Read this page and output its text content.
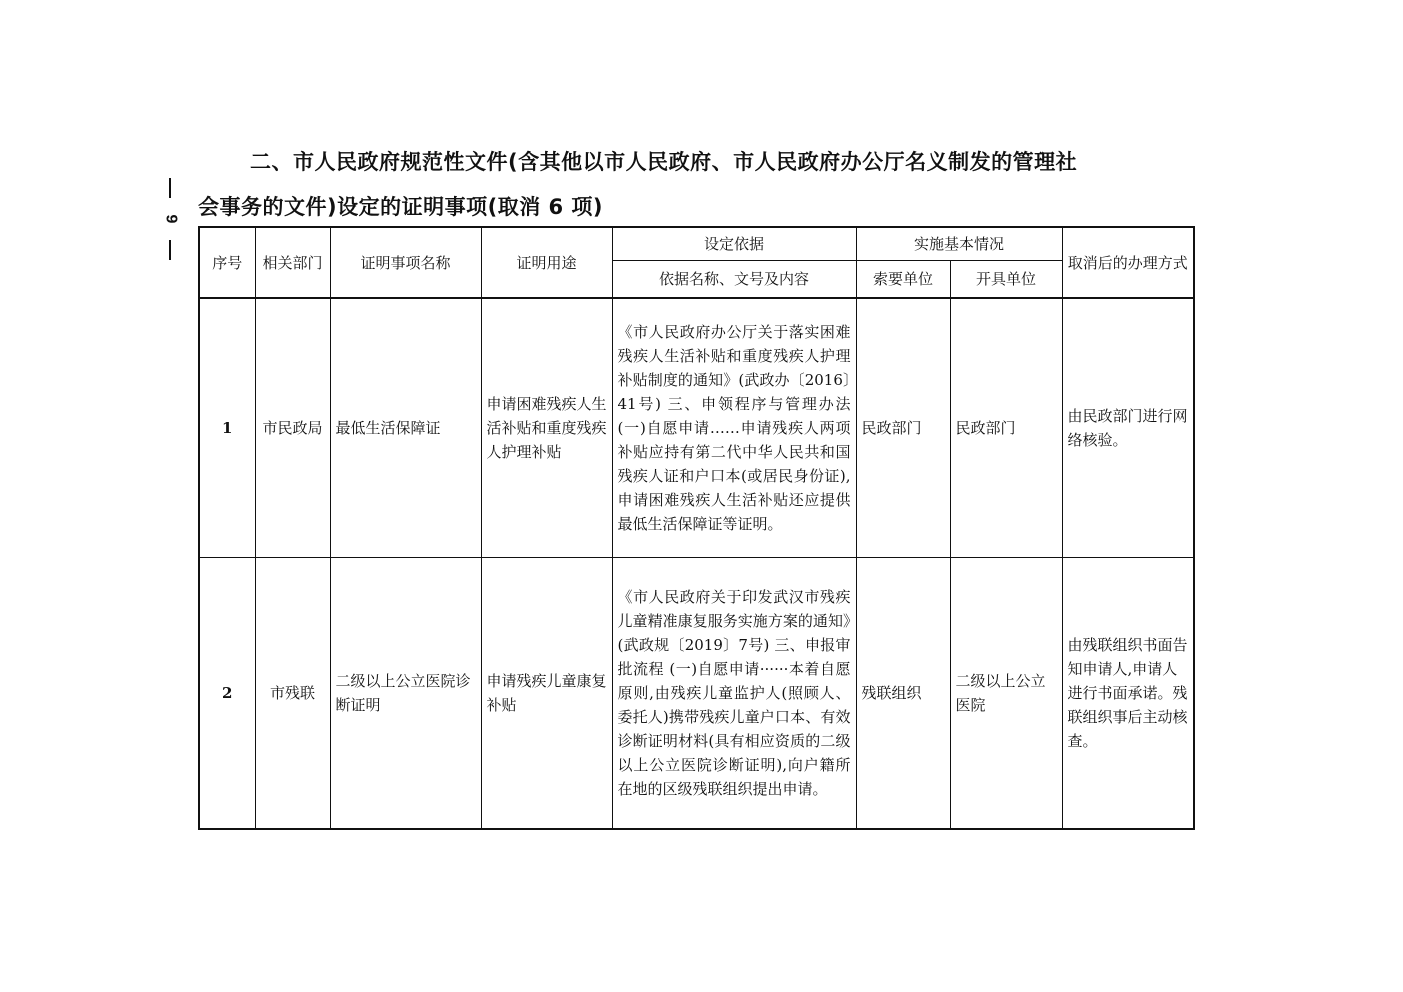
9
二、市人民政府规范性文件(含其他以市人民政府、市人民政府办公厅名义制发的管理社
会事务的文件)设定的证明事项(取消 6 项)
序号	相关部门	证明事项名称	证明用途	设定依据	实施基本情况		取消后的办理方式
				依据名称、文号及内容	索要单位	开具单位	
1	市民政局	最低生活保障证	申请困难残疾人生活补贴和重度残疾人护理补贴	《市人民政府办公厅关于落实困难残疾人生活补贴和重度残疾人护理补贴制度的通知》(武政办〔2016〕41号) 三、申领程序与管理办法 (一)自愿申请……申请残疾人两项补贴应持有第二代中华人民共和国残疾人证和户口本(或居民身份证),申请困难残疾人生活补贴还应提供最低生活保障证等证明。	民政部门	民政部门	由民政部门进行网络核验。
2	市残联	二级以上公立医院诊断证明	申请残疾儿童康复补贴	《市人民政府关于印发武汉市残疾儿童精准康复服务实施方案的通知》(武政规〔2019〕7号) 三、申报审批流程 (一)自愿申请······本着自愿原则,由残疾儿童监护人(照顾人、委托人)携带残疾儿童户口本、有效诊断证明材料(具有相应资质的二级以上公立医院诊断证明),向户籍所在地的区级残联组织提出申请。	残联组织	二级以上公立医院	由残联组织书面告知申请人,申请人进行书面承诺。残联组织事后主动核查。
